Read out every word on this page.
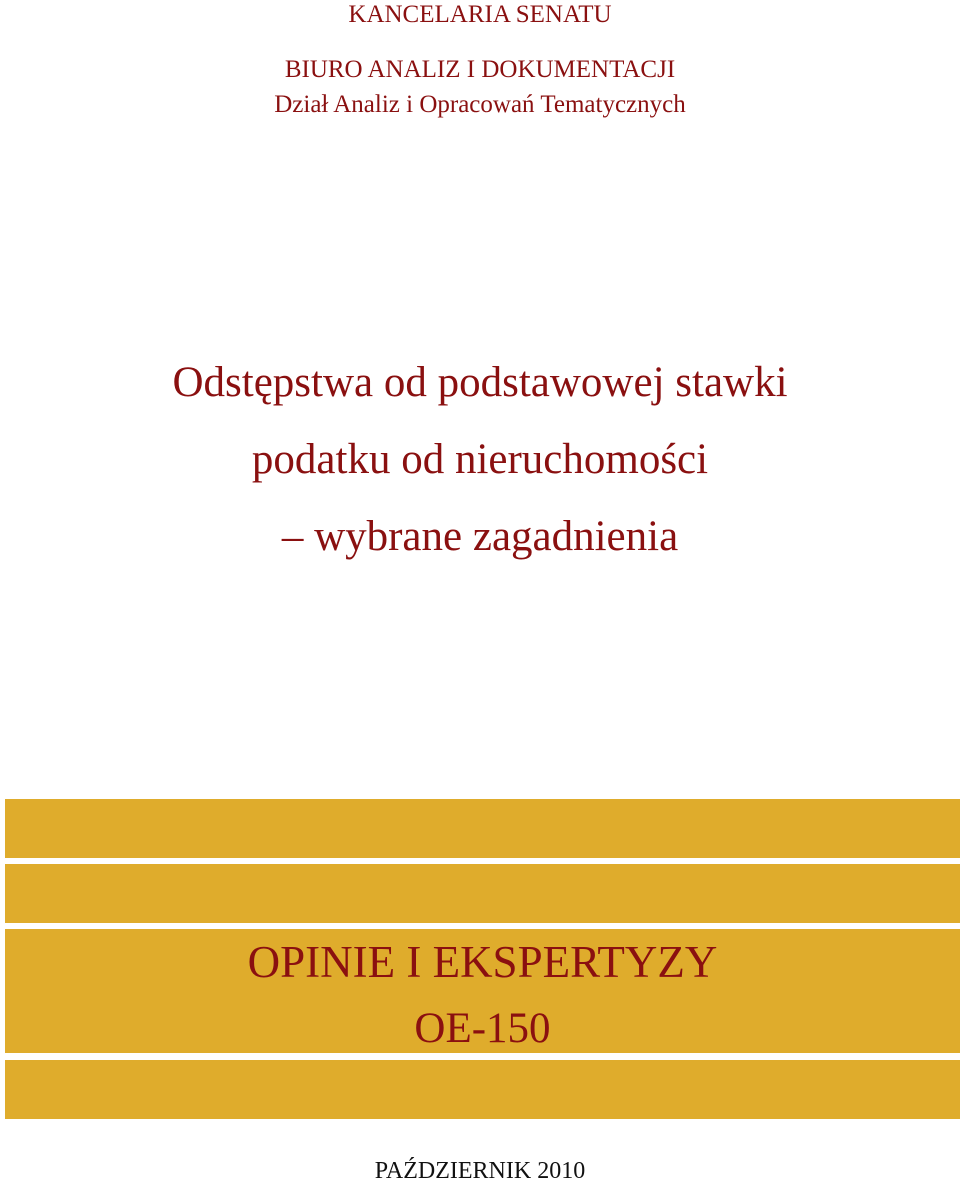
KANCELARIA SENATU

BIURO ANALIZ I DOKUMENTACJI

Dział Analiz i Opracowań Tematycznych

Odstępstwa od podstawowej stawki

podatku od nieruchomości

– wybrane zagadnienia

OPINIE I EKSPERTYZY

OE-150

PAŹDZIERNIK 2010
